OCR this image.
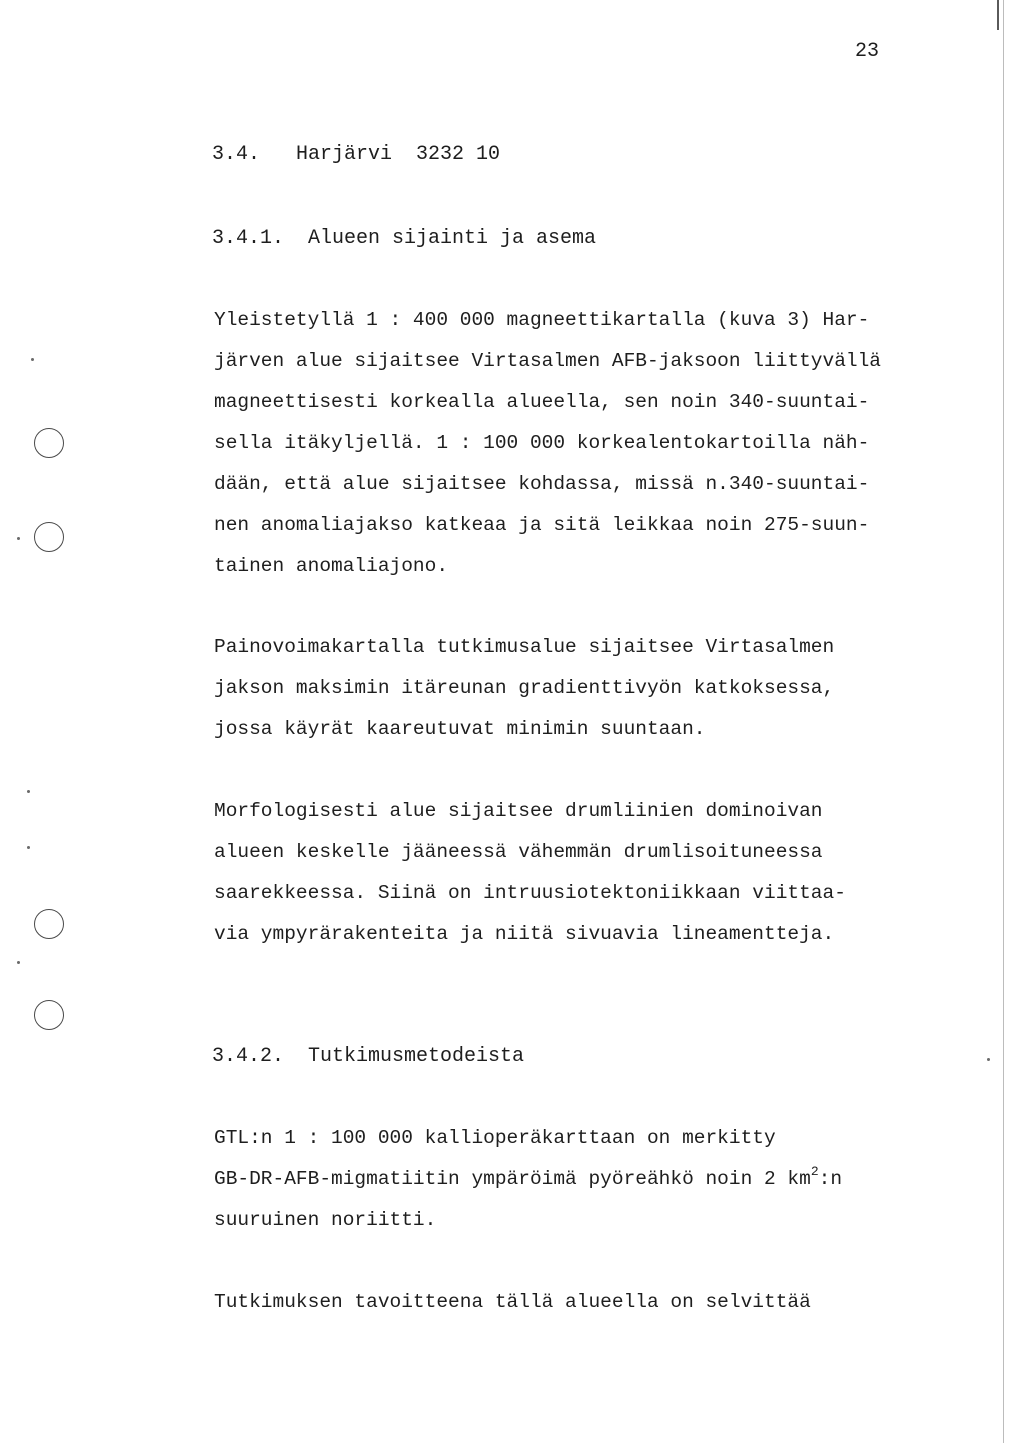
23
3.4.   Harjärvi  3232 10
3.4.1.  Alueen sijainti ja asema
Yleistetyllä 1 : 400 000 magneettikartalla (kuva 3) Har-
järven alue sijaitsee Virtasalmen AFB-jaksoon liittyvällä
magneettisesti korkealla alueella, sen noin 340-suuntai-
sella itäkyljellä. 1 : 100 000 korkealentokartoilla näh-
dään, että alue sijaitsee kohdassa, missä n.340-suuntai-
nen anomaliajakso katkeaa ja sitä leikkaa noin 275-suun-
tainen anomaliajono.
Painovoimakartalla tutkimusalue sijaitsee Virtasalmen
jakson maksimin itäreunan gradienttivyön katkoksessa,
jossa käyrät kaareutuvat minimin suuntaan.
Morfologisesti alue sijaitsee drumliinien dominoivan
alueen keskelle jääneessä vähemmän drumlisoituneessa
saarekkeessa. Siinä on intruusiotektoniikkaan viittaa-
via ympyrärakenteita ja niitä sivuavia lineamentteja.
3.4.2.  Tutkimusmetodeista
GTL:n 1 : 100 000 kallioperäkarttaan on merkitty
GB-DR-AFB-migmatiitin ympäröimä pyöreähkö noin 2 $km^2:n$
suuruinen noriitti.
Tutkimuksen tavoitteena tällä alueella on selvittää
